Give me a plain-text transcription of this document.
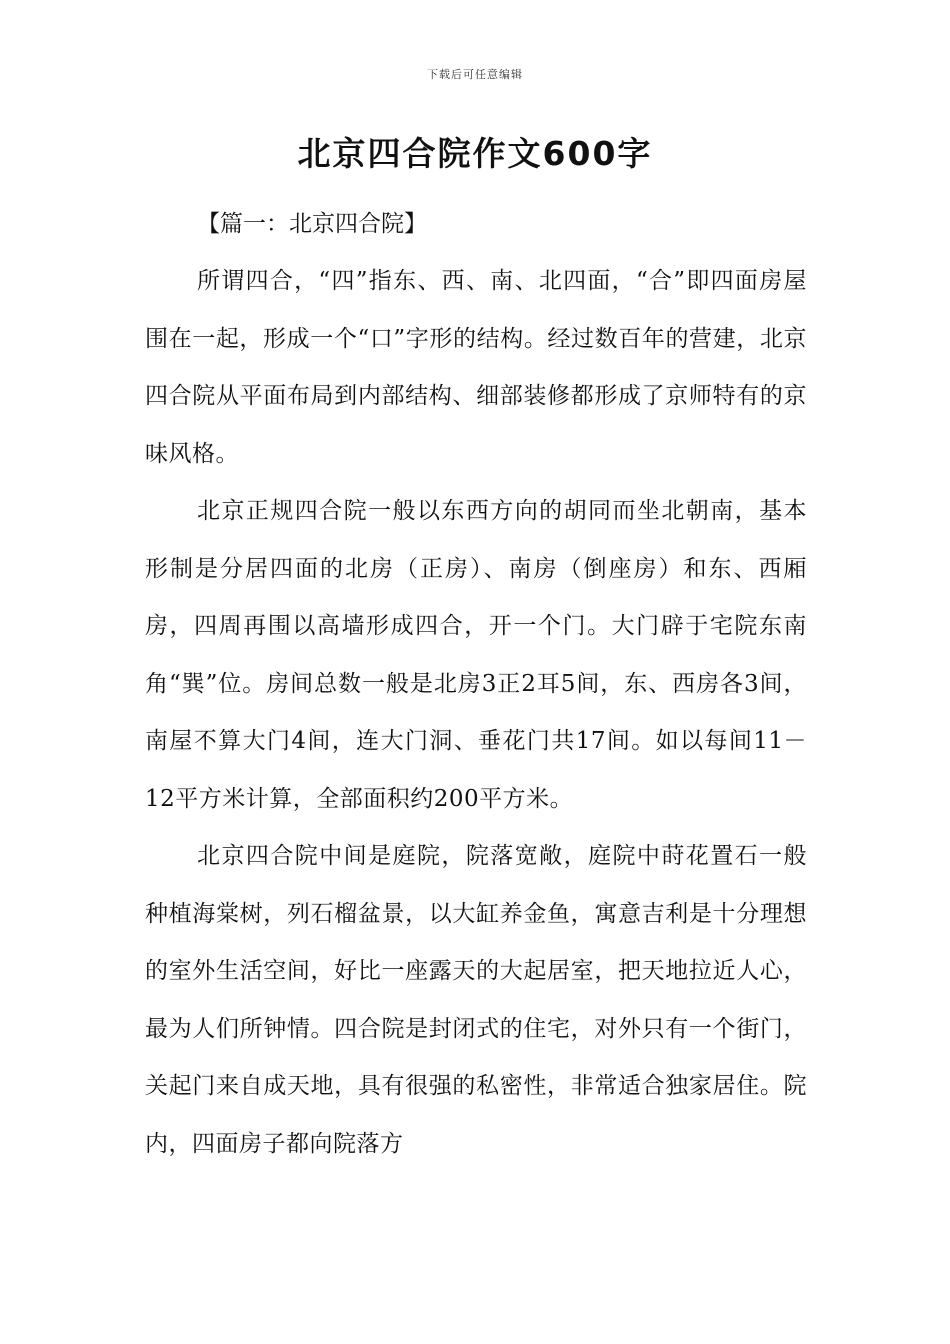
下载后可任意编辑
北京四合院作文600字

【篇一：北京四合院】

所谓四合，“四”指东、西、南、北四面，“合”即四面房屋围在一起，形成一个“口”字形的结构。经过数百年的营建，北京四合院从平面布局到内部结构、细部装修都形成了京师特有的京味风格。

北京正规四合院一般以东西方向的胡同而坐北朝南，基本形制是分居四面的北房（正房）、南房（倒座房）和东、西厢房，四周再围以高墙形成四合，开一个门。大门辟于宅院东南角“巽”位。房间总数一般是北房3正2耳5间，东、西房各3间，南屋不算大门4间，连大门洞、垂花门共17间。如以每间11－12平方米计算，全部面积约200平方米。

北京四合院中间是庭院，院落宽敞，庭院中莳花置石一般种植海棠树，列石榴盆景，以大缸养金鱼，寓意吉利是十分理想的室外生活空间，好比一座露天的大起居室，把天地拉近人心，最为人们所钟情。四合院是封闭式的住宅，对外只有一个街门，关起门来自成天地，具有很强的私密性，非常适合独家居住。院内，四面房子都向院落方
